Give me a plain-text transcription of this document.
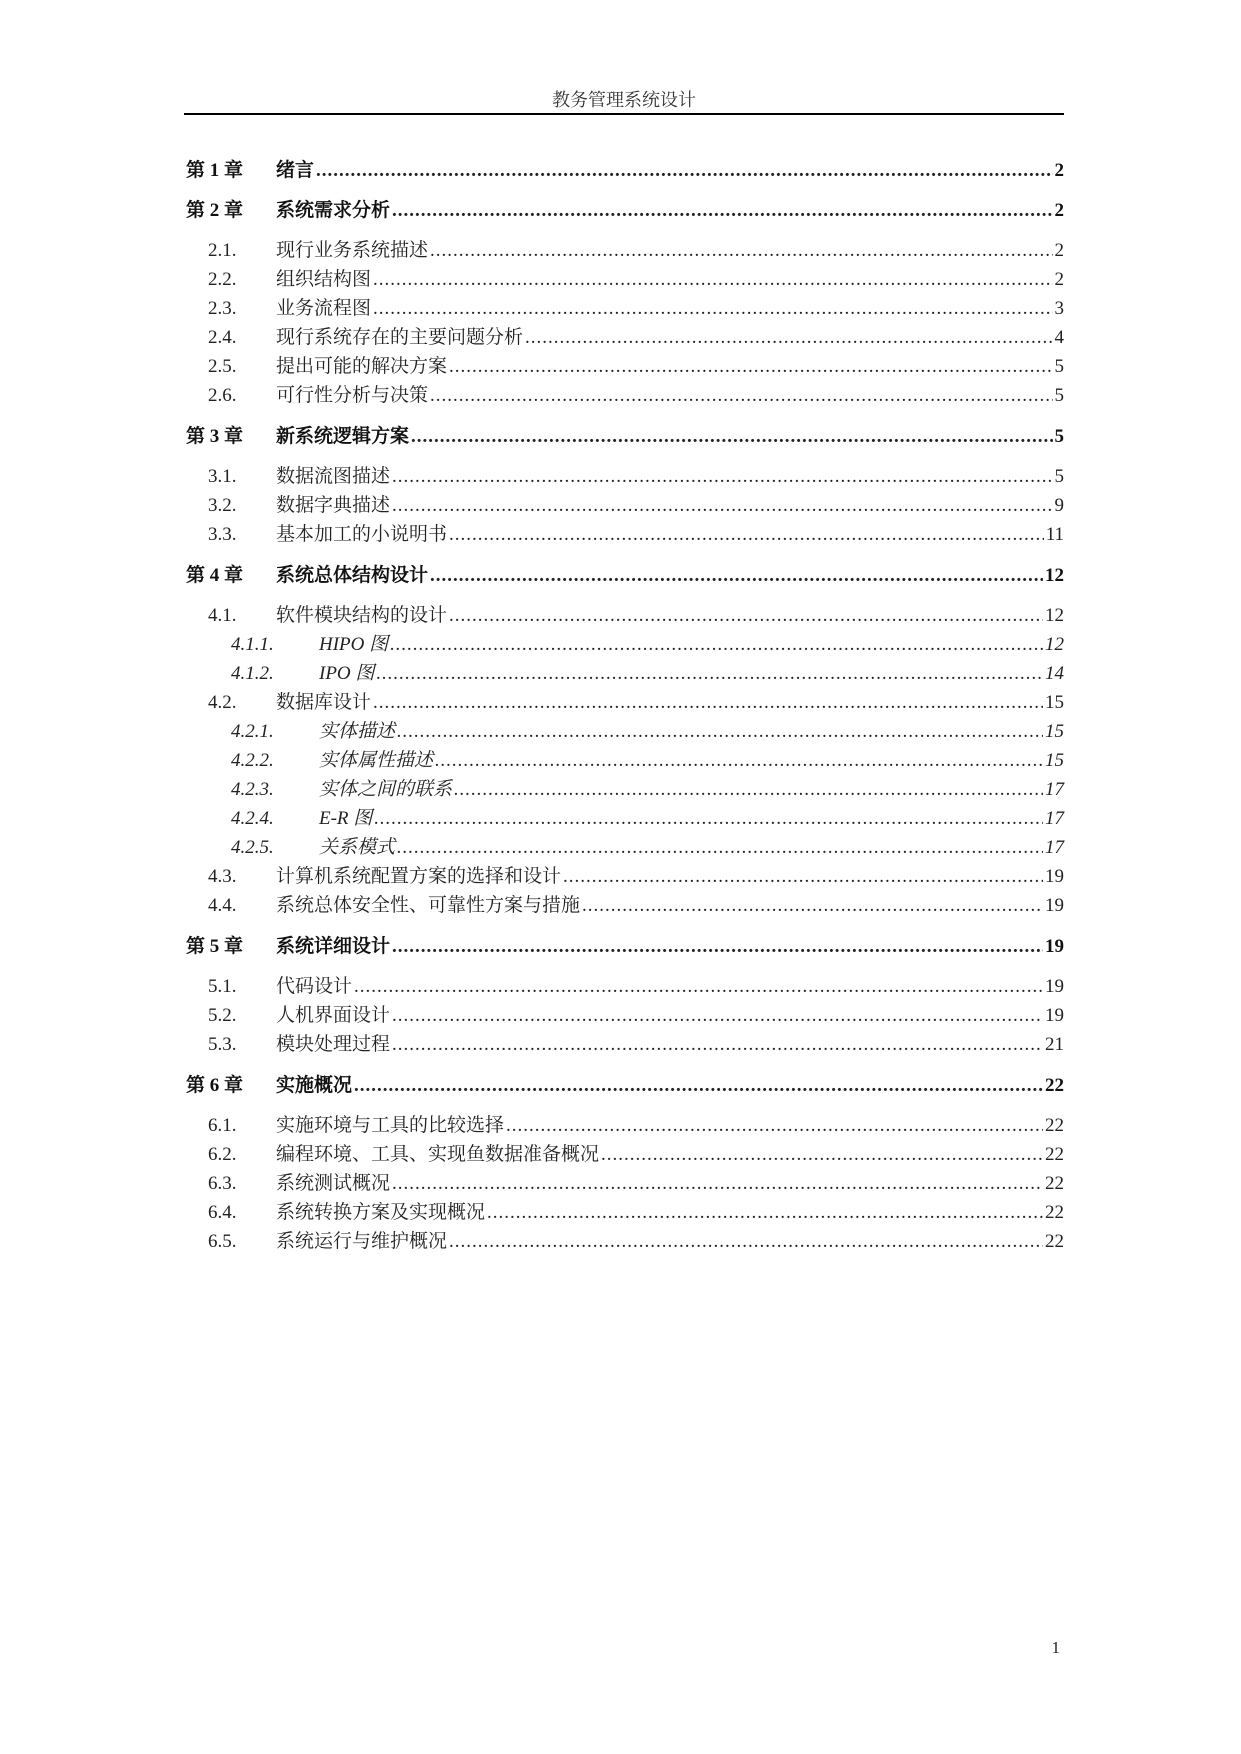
教务管理系统设计
第 1 章	绪言 .....	2
第 2 章	系统需求分析 .....	2
2.1.	现行业务系统描述 .....	2
2.2.	组织结构图 .....	2
2.3.	业务流程图 .....	3
2.4.	现行系统存在的主要问题分析 .....	4
2.5.	提出可能的解决方案 .....	5
2.6.	可行性分析与决策 .....	5
第 3 章	新系统逻辑方案 .....	5
3.1.	数据流图描述 .....	5
3.2.	数据字典描述 .....	9
3.3.	基本加工的小说明书 .....	11
第 4 章	系统总体结构设计 .....	12
4.1.	软件模块结构的设计 .....	12
4.1.1.	HIPO 图 .....	12
4.1.2.	IPO 图 .....	14
4.2.	数据库设计 .....	15
4.2.1.	实体描述 .....	15
4.2.2.	实体属性描述 .....	15
4.2.3.	实体之间的联系 .....	17
4.2.4.	E-R 图 .....	17
4.2.5.	关系模式 .....	17
4.3.	计算机系统配置方案的选择和设计 .....	19
4.4.	系统总体安全性、可靠性方案与措施 .....	19
第 5 章	系统详细设计 .....	19
5.1.	代码设计 .....	19
5.2.	人机界面设计 .....	19
5.3.	模块处理过程 .....	21
第 6 章	实施概况 .....	22
6.1.	实施环境与工具的比较选择 .....	22
6.2.	编程环境、工具、实现鱼数据准备概况 .....	22
6.3.	系统测试概况 .....	22
6.4.	系统转换方案及实现概况 .....	22
6.5.	系统运行与维护概况 .....	22
1
